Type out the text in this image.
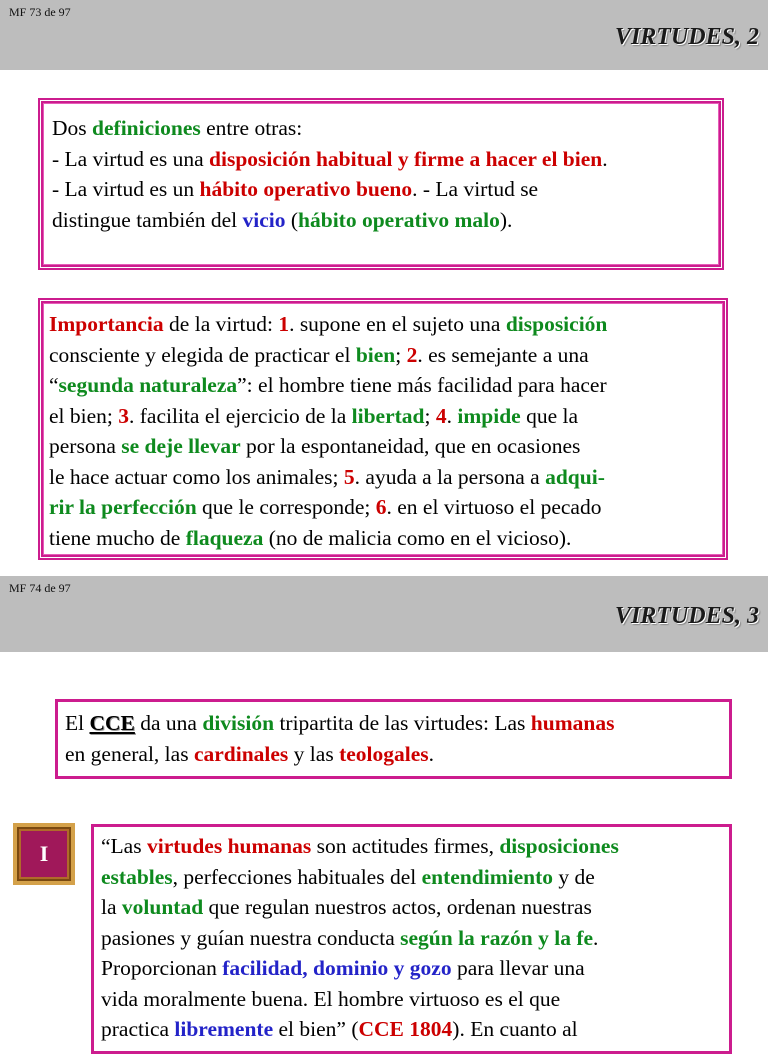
MF 73 de 97
VIRTUDES, 2
Dos definiciones entre otras:
- La virtud es una disposición habitual y firme a hacer el bien.
- La virtud es un hábito operativo bueno. - La virtud se
distingue también del vicio (hábito operativo malo).
Importancia de la virtud: 1. supone en el sujeto una disposición
consciente y elegida de practicar el bien; 2. es semejante a una
“segunda naturaleza”: el hombre tiene más facilidad para hacer
el bien; 3. facilita el ejercicio de la libertad; 4. impide que la
persona se deje llevar por la espontaneidad, que en ocasiones
le hace actuar como los animales; 5. ayuda a la persona a adqui-
rir la perfección que le corresponde; 6. en el virtuoso el pecado
tiene mucho de flaqueza (no de malicia como en el vicioso).
MF 74 de 97
VIRTUDES, 3
El CCE da una división tripartita de las virtudes: Las humanas
en general, las cardinales y las teologales.
I “Las virtudes humanas son actitudes firmes, disposiciones
estables, perfecciones habituales del entendimiento y de
la voluntad que regulan nuestros actos, ordenan nuestras
pasiones y guían nuestra conducta según la razón y la fe.
Proporcionan facilidad, dominio y gozo para llevar una
vida moralmente buena. El hombre virtuoso es el que
practica libremente el bien” (CCE 1804). En cuanto al
